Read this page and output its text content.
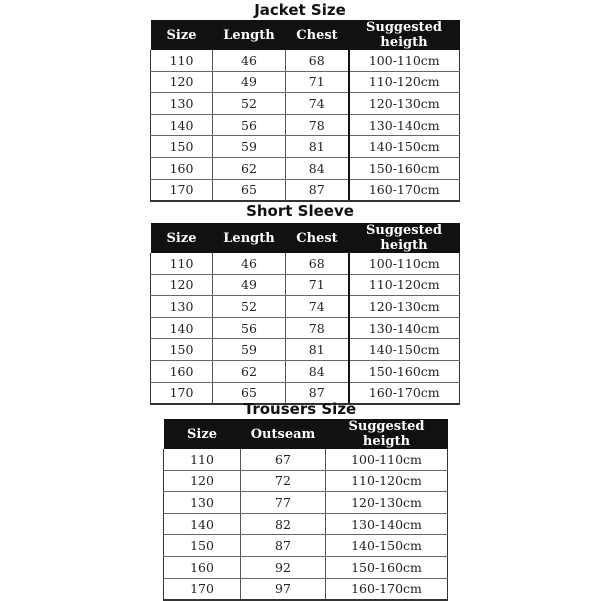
Jacket Size
Size	Length	Chest	Suggested heigth
110	46	68	100-110cm
120	49	71	110-120cm
130	52	74	120-130cm
140	56	78	130-140cm
150	59	81	140-150cm
160	62	84	150-160cm
170	65	87	160-170cm
Short Sleeve
Size	Length	Chest	Suggested heigth
110	46	68	100-110cm
120	49	71	110-120cm
130	52	74	120-130cm
140	56	78	130-140cm
150	59	81	140-150cm
160	62	84	150-160cm
170	65	87	160-170cm
Trousers Size
Size	Outseam	Suggested heigth
110	67	100-110cm
120	72	110-120cm
130	77	120-130cm
140	82	130-140cm
150	87	140-150cm
160	92	150-160cm
170	97	160-170cm
